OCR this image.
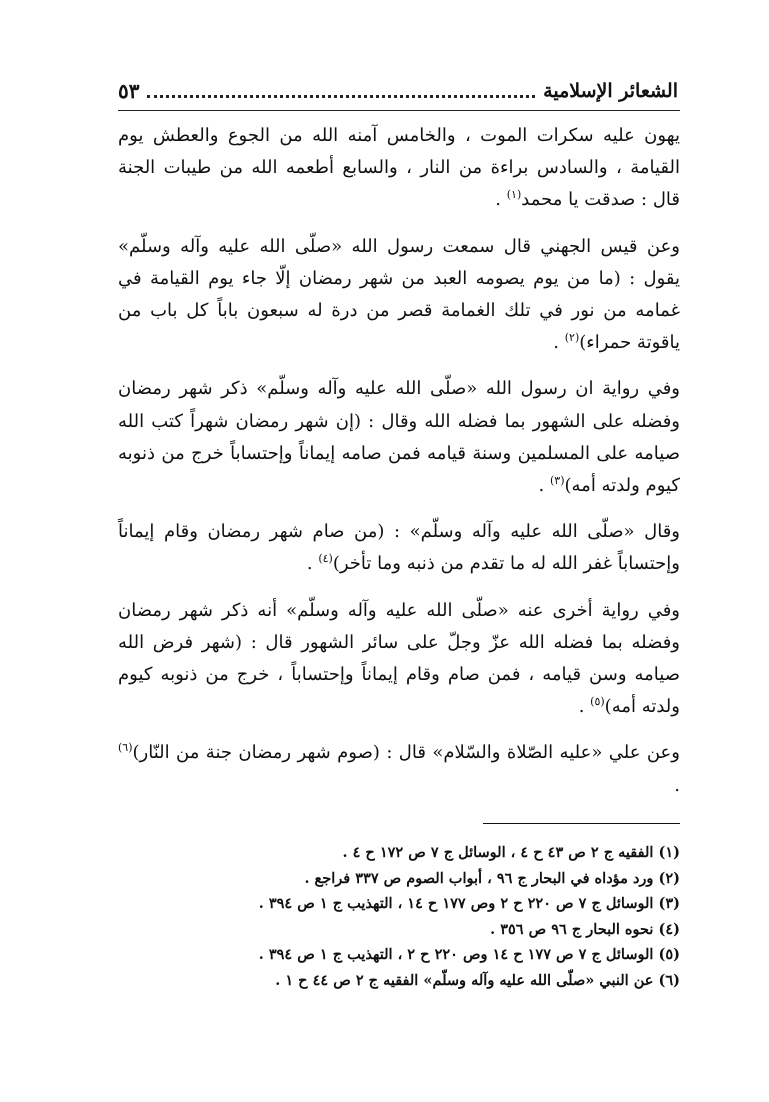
الشعائر الإسلامية
٥٣

يهون عليه سكرات الموت ، والخامس آمنه الله من الجوع والعطش يوم القيامة ، والسادس براءة من النار ، والسابع أطعمه الله من طيبات الجنة قال : صدقت يا محمد$^{(١)}$ .

وعن قيس الجهني قال سمعت رسول الله «صلّى الله عليه وآله وسلّم» يقول : (ما من يوم يصومه العبد من شهر رمضان إلّا جاء يوم القيامة في غمامه من نور في تلك الغمامة قصر من درة له سبعون باباً كل باب من ياقوتة حمراء)$^{(٢)}$ .

وفي رواية ان رسول الله «صلّى الله عليه وآله وسلّم» ذكر شهر رمضان وفضله على الشهور بما فضله الله وقال : (إن شهر رمضان شهراً كتب الله صيامه على المسلمين وسنة قيامه فمن صامه إيماناً وإحتساباً خرج من ذنوبه كيوم ولدته أمه)$^{(٣)}$ .

وقال «صلّى الله عليه وآله وسلّم» : (من صام شهر رمضان وقام إيماناً وإحتساباً غفر الله له ما تقدم من ذنبه وما تأخر)$^{(٤)}$ .

وفي رواية أخرى عنه «صلّى الله عليه وآله وسلّم» أنه ذكر شهر رمضان وفضله بما فضله الله عزّ وجلّ على سائر الشهور قال : (شهر فرض الله صيامه وسن قيامه ، فمن صام وقام إيماناً وإحتساباً ، خرج من ذنوبه كيوم ولدته أمه)$^{(٥)}$ .

وعن علي «عليه الصّلاة والسّلام» قال : (صوم شهر رمضان جنة من النّار)$^{(٦)}$ .

(١) الفقيه ج ٢ ص ٤٣ ح ٤ ، الوسائل ج ٧ ص ١٧٢ ح ٤ .
(٢) ورد مؤداه في البحار ج ٩٦ ، أبواب الصوم ص ٣٣٧ فراجع .
(٣) الوسائل ج ٧ ص ٢٢٠ ح ٢ وص ١٧٧ ح ١٤ ، التهذيب ج ١ ص ٣٩٤ .
(٤) نحوه البحار ج ٩٦ ص ٣٥٦ .
(٥) الوسائل ج ٧ ص ١٧٧ ح ١٤ وص ٢٢٠ ح ٢ ، التهذيب ج ١ ص ٣٩٤ .
(٦) عن النبي «صلّى الله عليه وآله وسلّم» الفقيه ج ٢ ص ٤٤ ح ١ .
